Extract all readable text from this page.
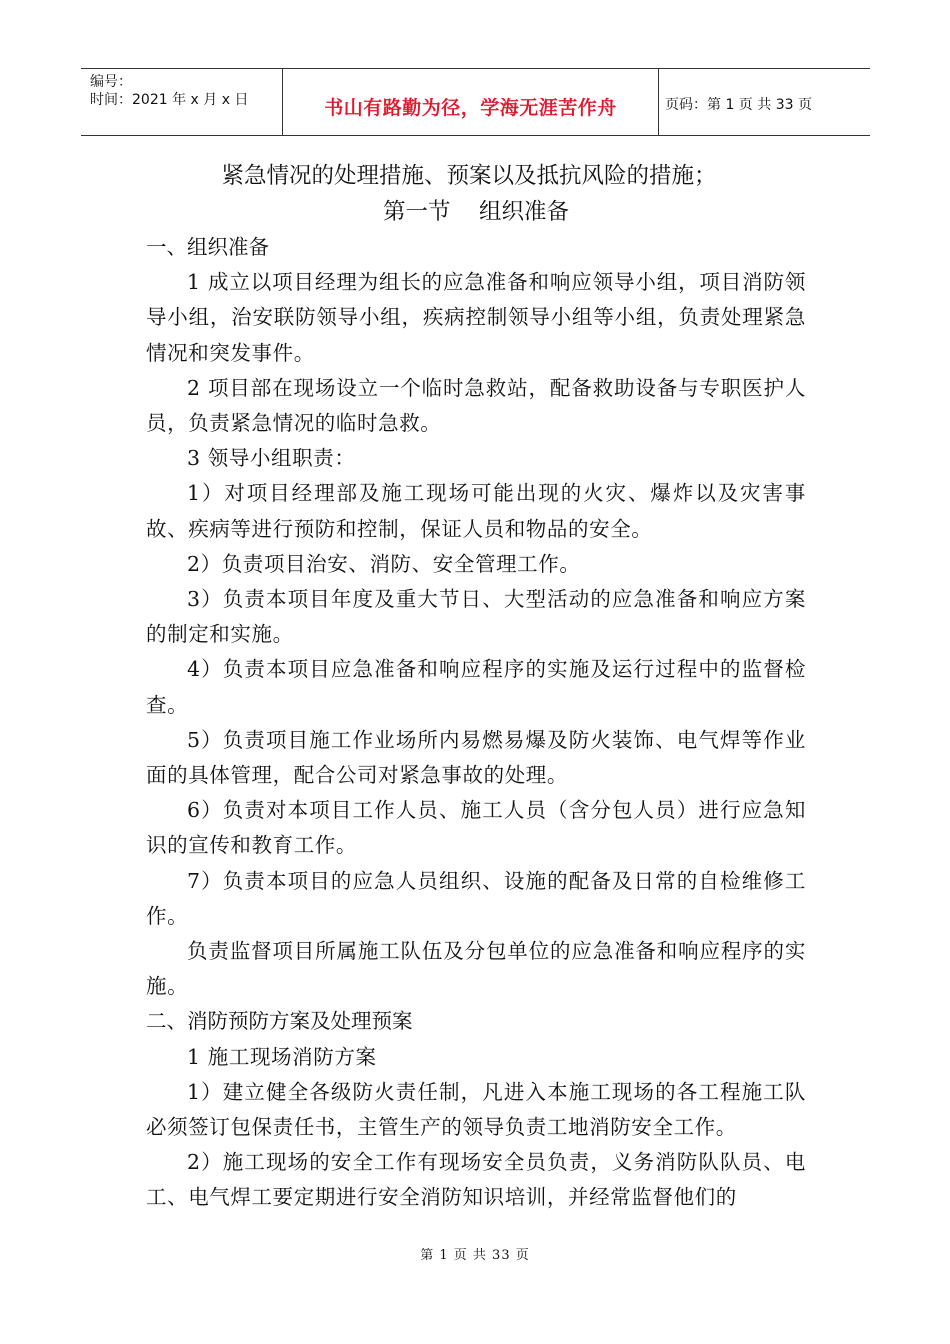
编号：
时间：2021 年 x 月 x 日	书山有路勤为径，学海无涯苦作舟	页码：第 1 页 共 33 页

紧急情况的处理措施、预案以及抵抗风险的措施；

第一节    组织准备

一、组织准备

1 成立以项目经理为组长的应急准备和响应领导小组，项目消防领导小组，治安联防领导小组，疾病控制领导小组等小组，负责处理紧急情况和突发事件。

2 项目部在现场设立一个临时急救站，配备救助设备与专职医护人员，负责紧急情况的临时急救。

3 领导小组职责：

1）对项目经理部及施工现场可能出现的火灾、爆炸以及灾害事故、疾病等进行预防和控制，保证人员和物品的安全。

2）负责项目治安、消防、安全管理工作。

3）负责本项目年度及重大节日、大型活动的应急准备和响应方案的制定和实施。

4）负责本项目应急准备和响应程序的实施及运行过程中的监督检查。

5）负责项目施工作业场所内易燃易爆及防火装饰、电气焊等作业面的具体管理，配合公司对紧急事故的处理。

6）负责对本项目工作人员、施工人员（含分包人员）进行应急知识的宣传和教育工作。

7）负责本项目的应急人员组织、设施的配备及日常的自检维修工作。

负责监督项目所属施工队伍及分包单位的应急准备和响应程序的实施。

二、消防预防方案及处理预案

1 施工现场消防方案

1）建立健全各级防火责任制，凡进入本施工现场的各工程施工队必须签订包保责任书，主管生产的领导负责工地消防安全工作。

2）施工现场的安全工作有现场安全员负责，义务消防队队员、电工、电气焊工要定期进行安全消防知识培训，并经常监督他们的

第 1 页 共 33 页
